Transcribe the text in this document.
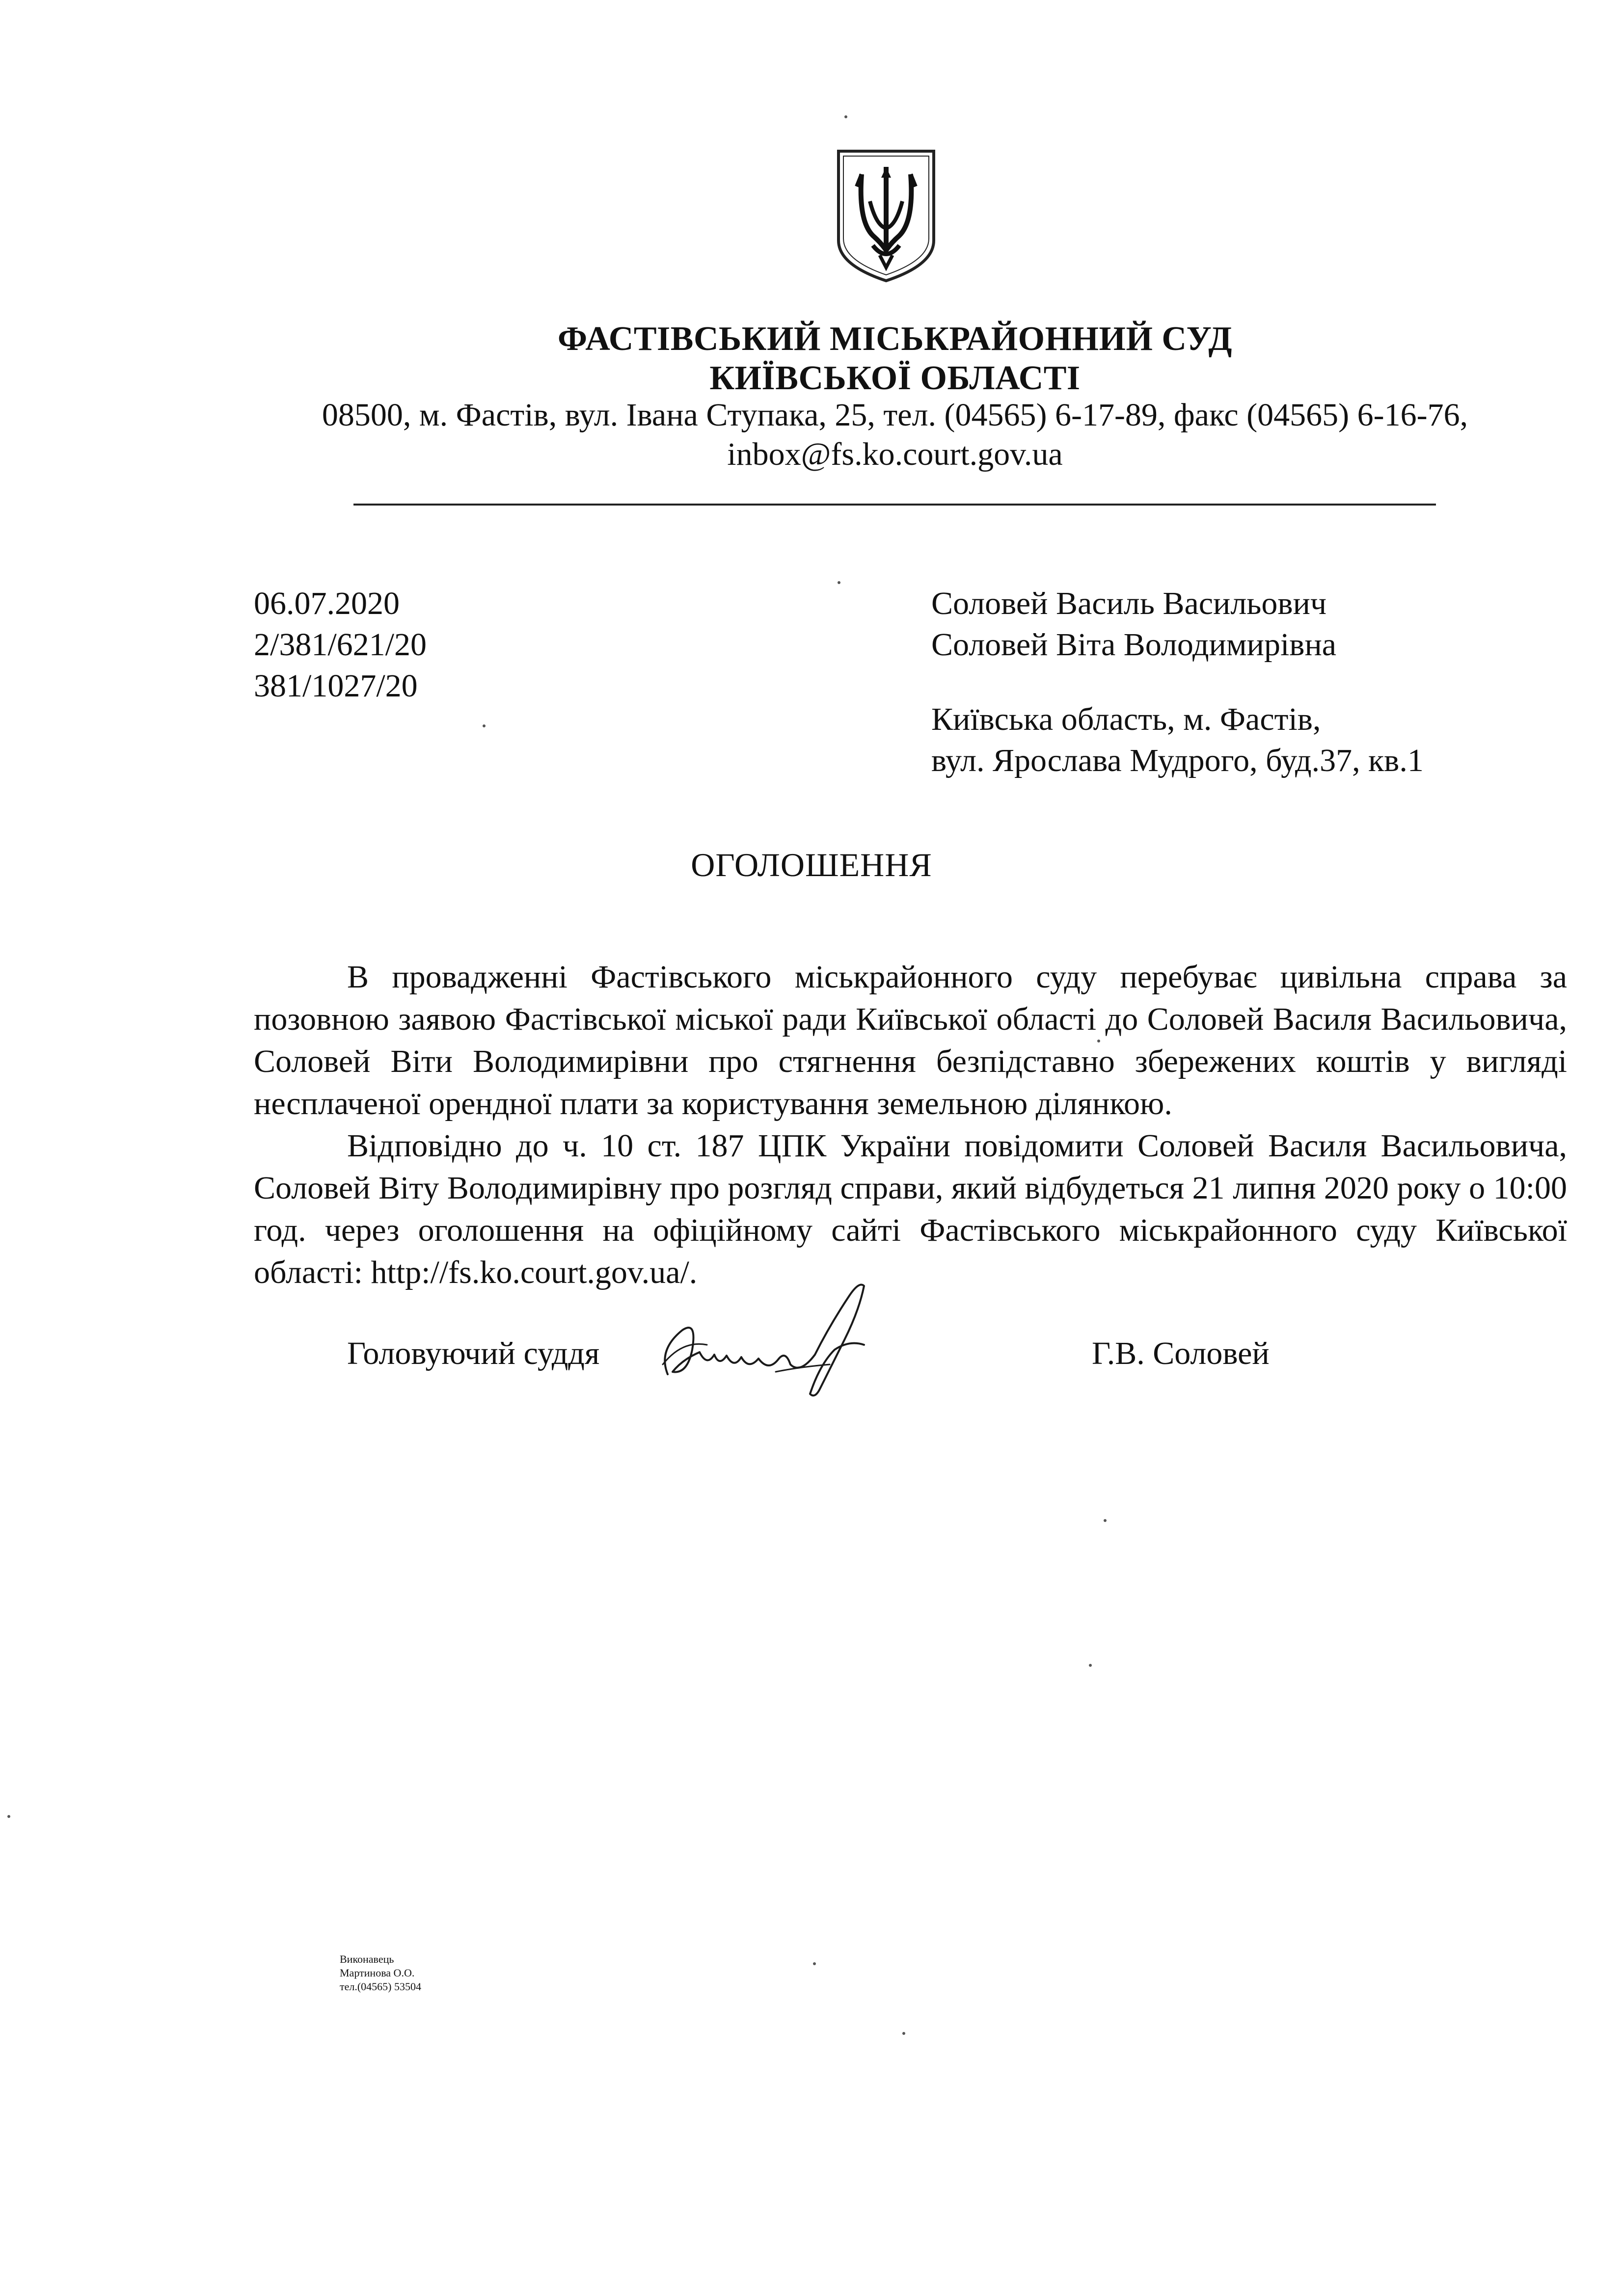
ФАСТІВСЬКИЙ МІСЬКРАЙОННИЙ СУД
КИЇВСЬКОЇ ОБЛАСТІ
08500, м. Фастів, вул. Івана Ступака, 25, тел. (04565) 6-17-89, факс (04565) 6-16-76,
inbox@fs.ko.court.gov.ua
06.07.2020
2/381/621/20
381/1027/20
Соловей Василь Васильович
Соловей Віта Володимирівна
Київська область, м. Фастів,
вул. Ярослава Мудрого, буд.37, кв.1
ОГОЛОШЕННЯ

В провадженні Фастівського міськрайонного суду перебуває цивільна справа за позовною заявою Фастівської міської ради Київської області до Соловей Василя Васильовича, Соловей Віти Володимирівни про стягнення безпідставно збережених коштів у вигляді несплаченої орендної плати за користування земельною ділянкою.

Відповідно до ч. 10 ст. 187 ЦПК України повідомити Соловей Василя Васильовича, Соловей Віту Володимирівну про розгляд справи, який відбудеться 21 липня 2020 року о 10:00 год. через оголошення на офіційному сайті Фастівського міськрайонного суду Київської області: http://fs.ko.court.gov.ua/.

Головуючий суддя	Г.В. Соловей
Виконавець
Мартинова О.О.
тел.(04565) 53504
